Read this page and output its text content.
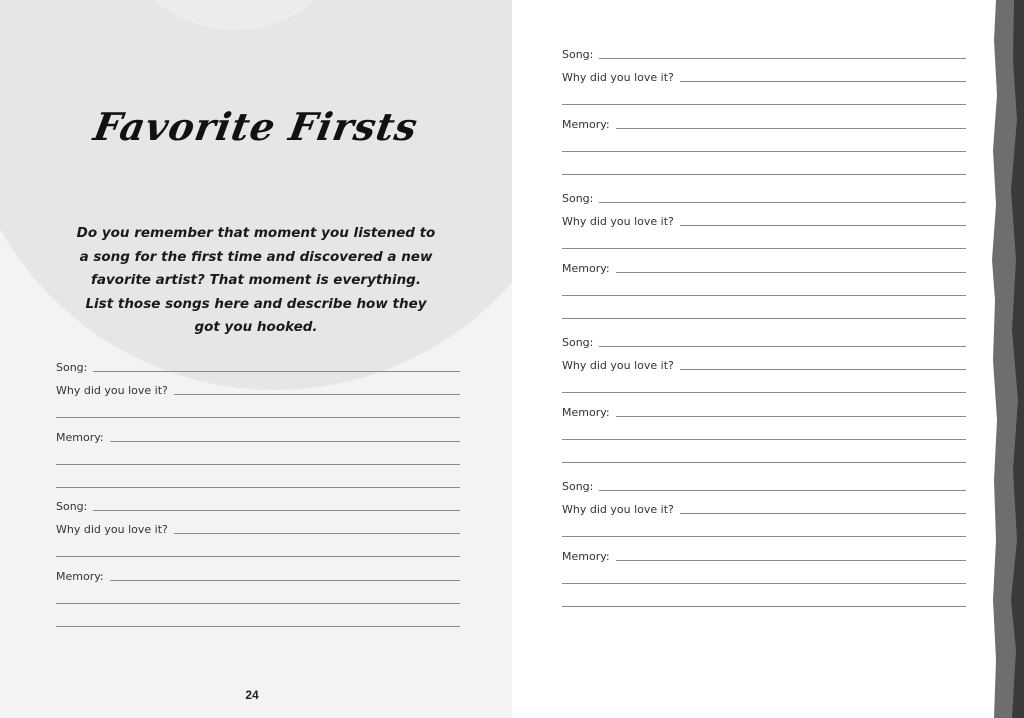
Favorite Firsts
Do you remember that moment you listened to a song for the first time and discovered a new favorite artist? That moment is everything. List those songs here and describe how they got you hooked.
24
Song:
Why did you love it?
Memory:
Song:
Why did you love it?
Memory:
Song:
Why did you love it?
Memory:
Song:
Why did you love it?
Memory:
Song:
Why did you love it?
Memory:
Song:
Why did you love it?
Memory:
